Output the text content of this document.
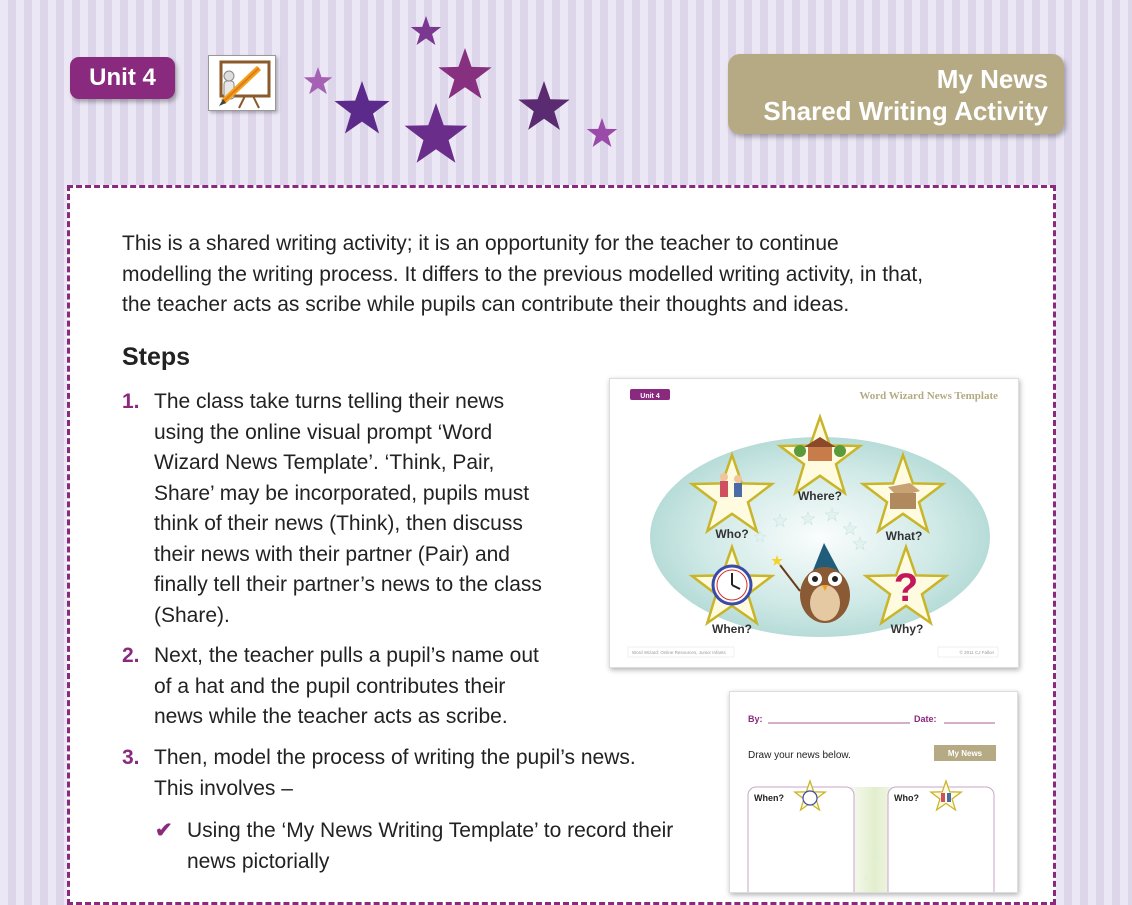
Unit 4	My News
Shared Writing Activity

This is a shared writing activity; it is an opportunity for the teacher to continue
modelling the writing process. It differs to the previous modelled writing activity, in that,
the teacher acts as scribe while pupils can contribute their thoughts and ideas.

Steps
1. The class take turns telling their news
using the online visual prompt ‘Word
Wizard News Template’. ‘Think, Pair,
Share’ may be incorporated, pupils must
think of their news (Think), then discuss
their news with their partner (Pair) and
finally tell their partner’s news to the class
(Share).
2. Next, the teacher pulls a pupil’s name out
of a hat and the pupil contributes their
news while the teacher acts as scribe.
3. Then, model the process of writing the pupil’s news.
This involves –
✔ Using the ‘My News Writing Template’ to record their
news pictorially
?
Where?
Who?	What?
When?	Why?
Unit 4	Word Wizard News Template
Word Wizard: Online Resources, Junior Infants	© 2011 CJ Fallon
By:	Date:
Draw your news below.	My News
When?	Who?
